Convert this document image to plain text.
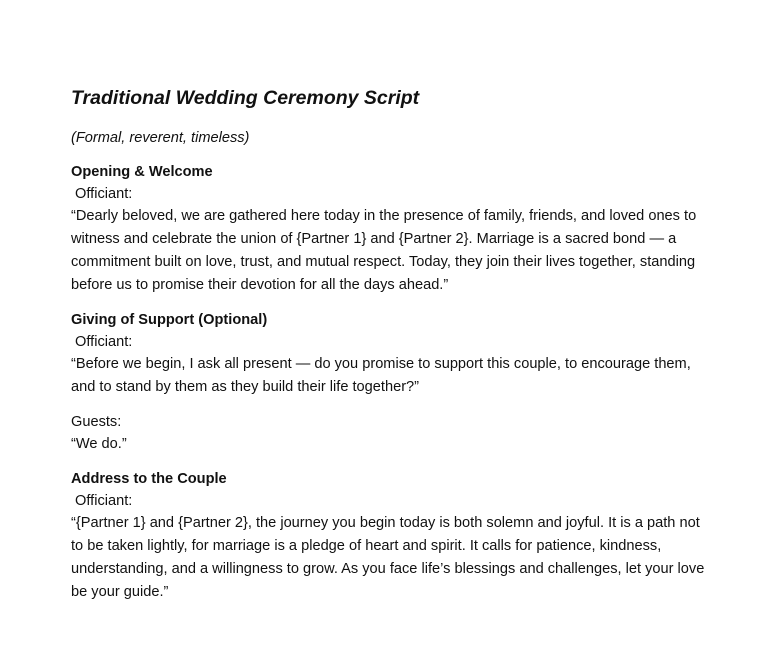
Traditional Wedding Ceremony Script

(Formal, reverent, timeless)

Opening & Welcome

Officiant:

“Dearly beloved, we are gathered here today in the presence of family, friends, and loved ones to witness and celebrate the union of {Partner 1} and {Partner 2}. Marriage is a sacred bond — a commitment built on love, trust, and mutual respect. Today, they join their lives together, standing before us to promise their devotion for all the days ahead.”

Giving of Support (Optional)

Officiant:

“Before we begin, I ask all present — do you promise to support this couple, to encourage them, and to stand by them as they build their life together?”

Guests:

“We do.”

Address to the Couple

Officiant:

“{Partner 1} and {Partner 2}, the journey you begin today is both solemn and joyful. It is a path not to be taken lightly, for marriage is a pledge of heart and spirit. It calls for patience, kindness, understanding, and a willingness to grow. As you face life’s blessings and challenges, let your love be your guide.”
